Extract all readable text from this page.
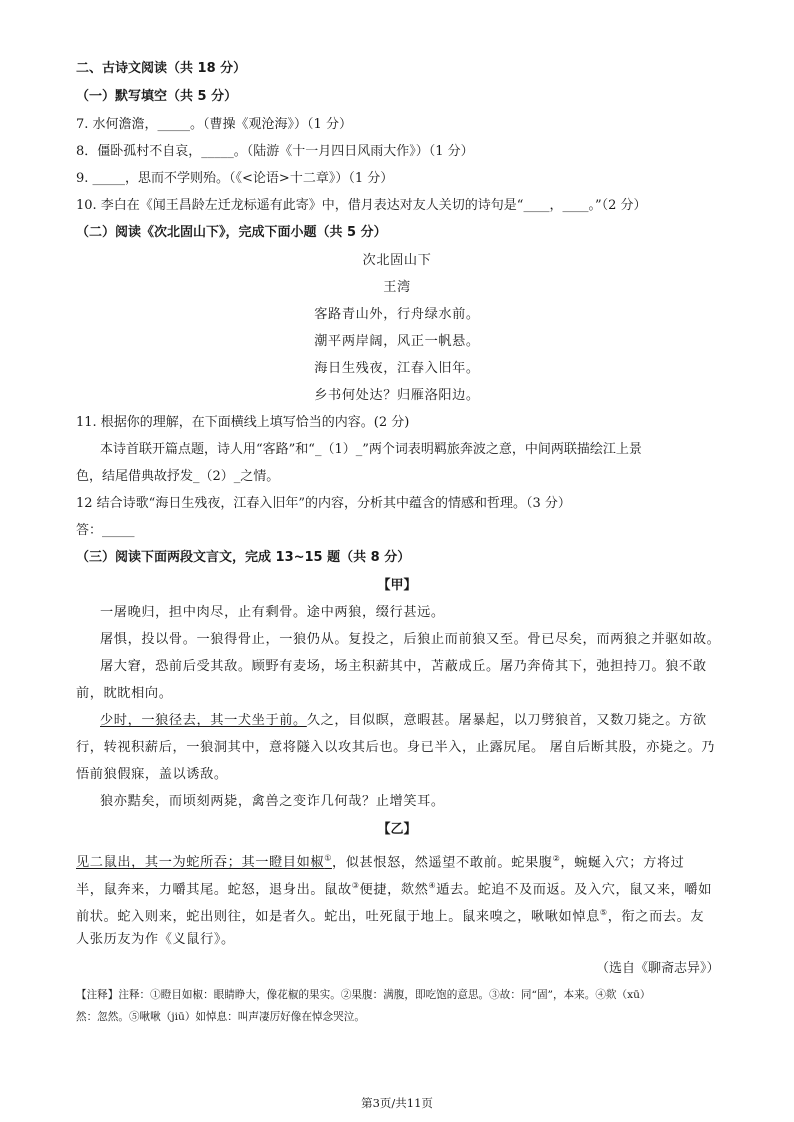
二、古诗文阅读（共 18 分）
（一）默写填空（共 5 分）
7. 水何澹澹，_____。（曹操《观沧海》）（1 分）
8．僵卧孤村不自哀，_____。（陆游《十一月四日风雨大作》）（1 分）
9. _____，思而不学则殆。（《<论语>十二章》）（1 分）
10. 李白在《闻王昌龄左迁龙标遥有此寄》中，借月表达对友人关切的诗句是“____，____。”（2 分）
（二）阅读《次北固山下》，完成下面小题（共 5 分）
次北固山下
王湾
客路青山外，行舟绿水前。
潮平两岸阔，风正一帆悬。
海日生残夜，江春入旧年。
乡书何处达？归雁洛阳边。
11. 根据你的理解，在下面横线上填写恰当的内容。(2 分)
本诗首联开篇点题，诗人用“客路”和“_（1）_”两个词表明羁旅奔波之意，中间两联描绘江上景
色，结尾借典故抒发_（2）_之情。
12 结合诗歌“海日生残夜，江春入旧年”的内容，分析其中蕴含的情感和哲理。（3 分）
答：_____
（三）阅读下面两段文言文，完成 13~15 题（共 8 分）
【甲】
一屠晚归，担中肉尽，止有剩骨。途中两狼，缀行甚远。
屠惧，投以骨。一狼得骨止，一狼仍从。复投之，后狼止而前狼又至。骨已尽矣，而两狼之并驱如故。
屠大窘，恐前后受其敌。顾野有麦场，场主积薪其中，苫蔽成丘。屠乃奔倚其下，弛担持刀。狼不敢
前，眈眈相向。
少时，一狼径去，其一犬坐于前。久之，目似瞑，意暇甚。屠暴起，以刀劈狼首，又数刀毙之。方欲
行，转视积薪后，一狼洞其中，意将隧入以攻其后也。身已半入，止露尻尾。 屠自后断其股，亦毙之。乃
悟前狼假寐，盖以诱敌。
狼亦黠矣，而顷刻两毙，禽兽之变诈几何哉？止增笑耳。
【乙】
见二鼠出，其一为蛇所吞；其一瞪目如椒①，似甚恨怒，然遥望不敢前。蛇果腹②，蜿蜒入穴；方将过
半，鼠奔来，力嚼其尾。蛇怒，退身出。鼠故③便捷，欻然④遁去。蛇追不及而返。及入穴，鼠又来，嚼如
前状。蛇入则来，蛇出则往，如是者久。蛇出，吐死鼠于地上。鼠来嗅之，啾啾如悼息⑤，衔之而去。友
人张历友为作《义鼠行》。
（选自《聊斋志异》）
【注释】注释：①瞪目如椒：眼睛睁大，像花椒的果实。②果腹：满腹，即吃饱的意思。③故：同“固”，本来。④欻（xū）
然：忽然。⑤啾啾（jiū）如悼息：叫声凄厉好像在悼念哭泣。
第3页/共11页
